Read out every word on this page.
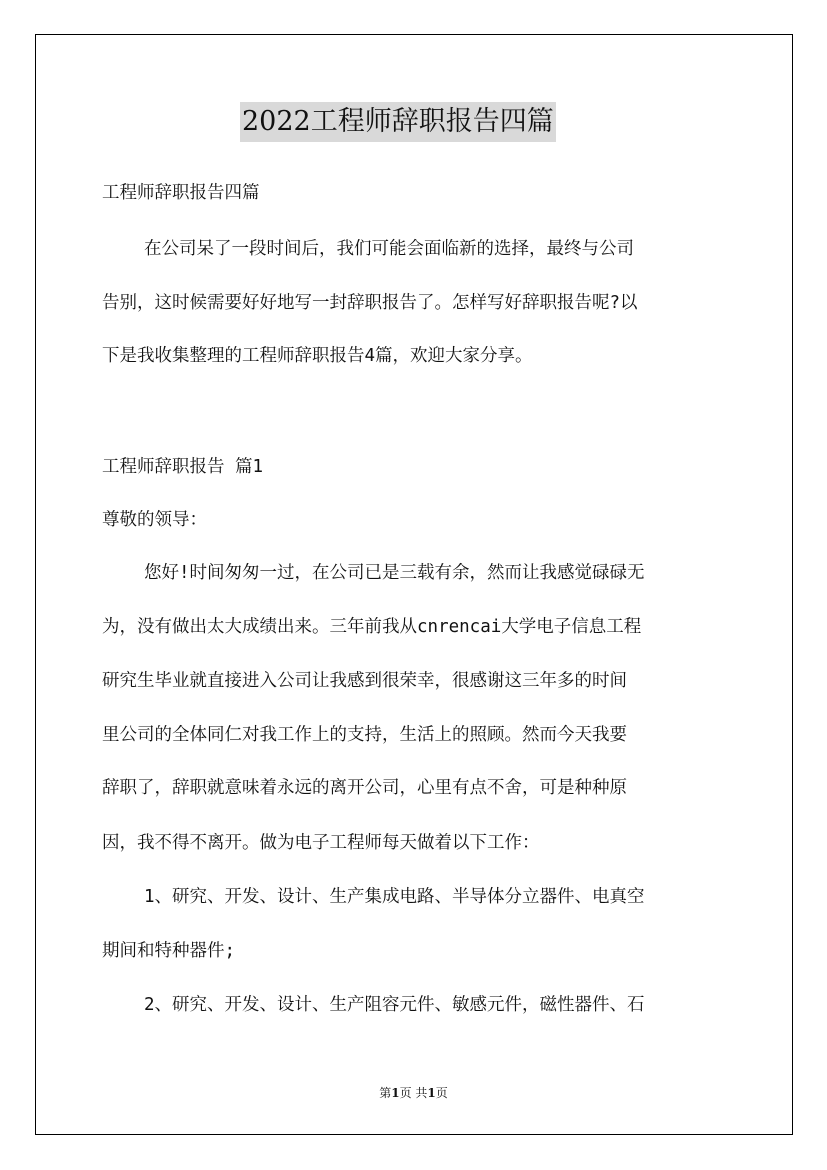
2022工程师辞职报告四篇
工程师辞职报告四篇
在公司呆了一段时间后，我们可能会面临新的选择，最终与公司
告别，这时候需要好好地写一封辞职报告了。怎样写好辞职报告呢?以
下是我收集整理的工程师辞职报告4篇，欢迎大家分享。
工程师辞职报告 篇1
尊敬的领导：
您好!时间匆匆一过，在公司已是三载有余，然而让我感觉碌碌无
为，没有做出太大成绩出来。三年前我从cnrencai大学电子信息工程
研究生毕业就直接进入公司让我感到很荣幸，很感谢这三年多的时间
里公司的全体同仁对我工作上的支持，生活上的照顾。然而今天我要
辞职了，辞职就意味着永远的离开公司，心里有点不舍，可是种种原
因，我不得不离开。做为电子工程师每天做着以下工作：
1、研究、开发、设计、生产集成电路、半导体分立器件、电真空
期间和特种器件;
2、研究、开发、设计、生产阻容元件、敏感元件，磁性器件、石
第1页 共1页
